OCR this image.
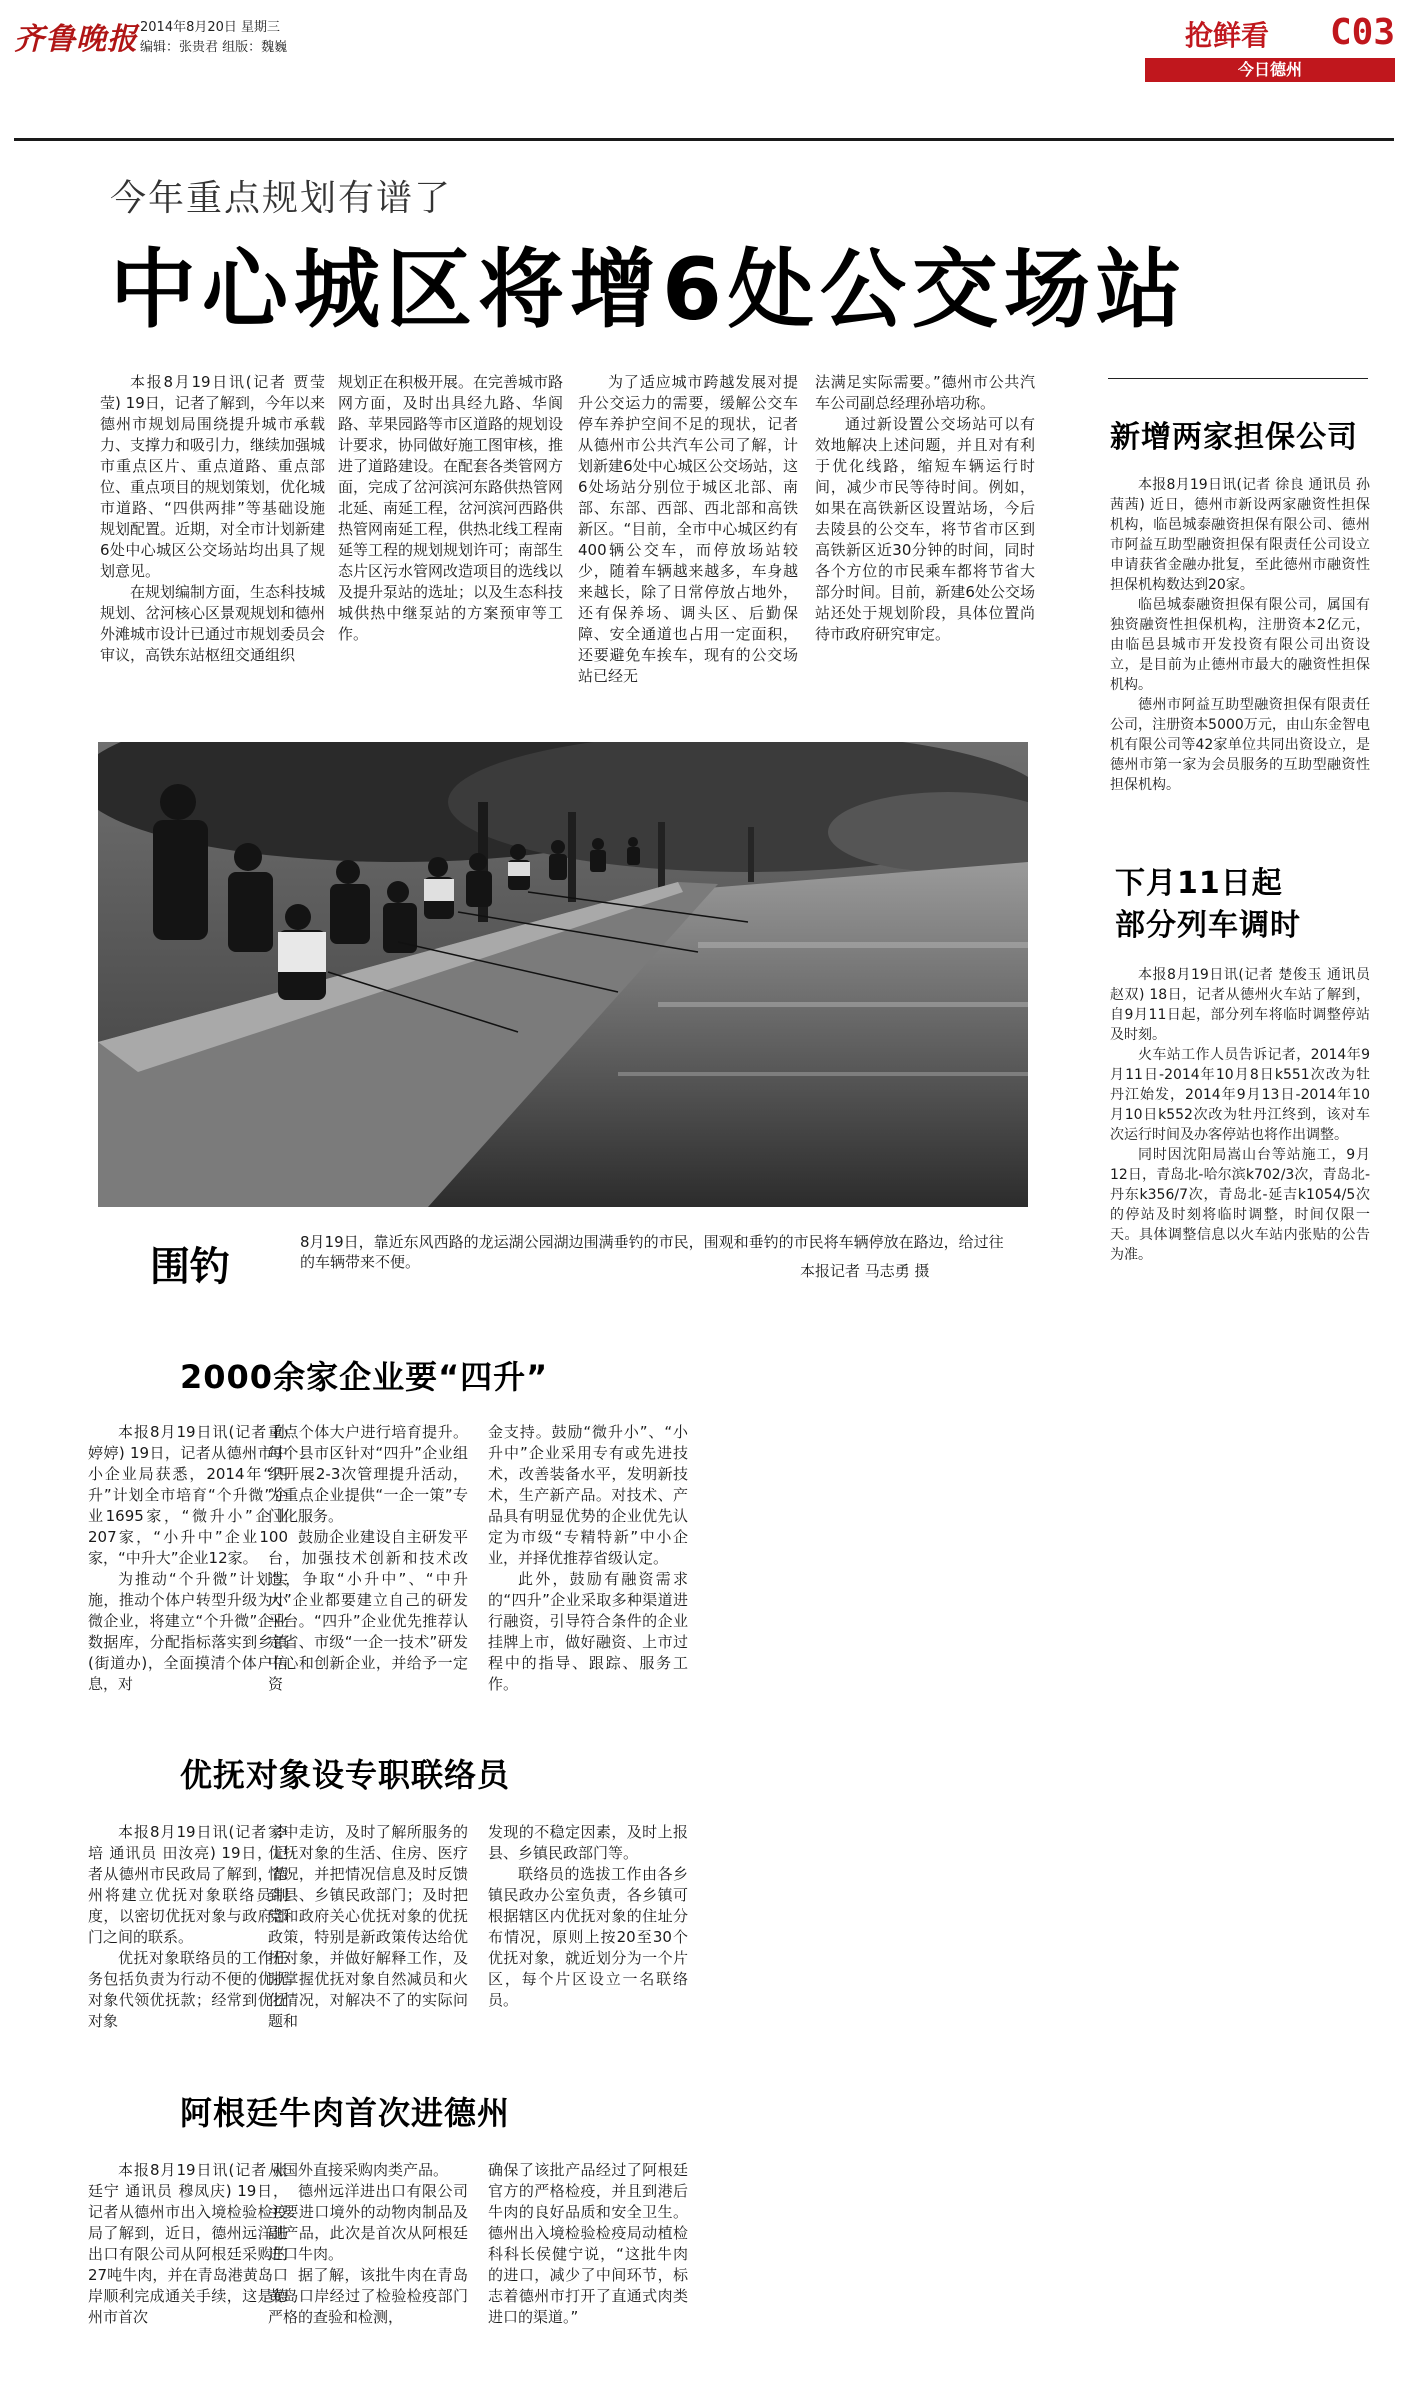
齐鲁晚报 2014年8月20日 星期三
编辑：张贵君 组版：魏巍	抢鲜看 C03
今日德州
今年重点规划有谱了
中心城区将增6处公交场站

本报8月19日讯(记者 贾莹莹) 19日，记者了解到，今年以来德州市规划局围绕提升城市承载力、支撑力和吸引力，继续加强城市重点区片、重点道路、重点部位、重点项目的规划策划，优化城市道路、“四供两排”等基础设施规划配置。近期，对全市计划新建6处中心城区公交场站均出具了规划意见。

在规划编制方面，生态科技城规划、岔河核心区景观规划和德州外滩城市设计已通过市规划委员会审议，高铁东站枢纽交通组织

规划正在积极开展。在完善城市路网方面，及时出具经九路、华阆路、苹果园路等市区道路的规划设计要求，协同做好施工图审核，推进了道路建设。在配套各类管网方面，完成了岔河滨河东路供热管网北延、南延工程，岔河滨河西路供热管网南延工程，供热北线工程南延等工程的规划规划许可；南部生态片区污水管网改造项目的选线以及提升泵站的选址；以及生态科技城供热中继泵站的方案预审等工作。

为了适应城市跨越发展对提升公交运力的需要，缓解公交车停车养护空间不足的现状，记者从德州市公共汽车公司了解，计划新建6处中心城区公交场站，这6处场站分别位于城区北部、南部、东部、西部、西北部和高铁新区。“目前，全市中心城区约有400辆公交车，而停放场站较少，随着车辆越来越多，车身越来越长，除了日常停放占地外，还有保养场、调头区、后勤保障、安全通道也占用一定面积，还要避免车挨车，现有的公交场站已经无

法满足实际需要。”德州市公共汽车公司副总经理孙培功称。

通过新设置公交场站可以有效地解决上述问题，并且对有利于优化线路，缩短车辆运行时间，减少市民等待时间。例如，如果在高铁新区设置站场，今后去陵县的公交车，将节省市区到高铁新区近30分钟的时间，同时各个方位的市民乘车都将节省大部分时间。目前，新建6处公交场站还处于规划阶段，具体位置尚待市政府研究审定。

围钓
8月19日，靠近东风西路的龙运湖公园湖边围满垂钓的市民，围观和垂钓的市民将车辆停放在路边，给过往的车辆带来不便。	本报记者 马志勇 摄
新增两家担保公司

本报8月19日讯(记者 徐良 通讯员 孙茜茜) 近日，德州市新设两家融资性担保机构，临邑城泰融资担保有限公司、德州市阿益互助型融资担保有限责任公司设立申请获省金融办批复，至此德州市融资性担保机构数达到20家。

临邑城泰融资担保有限公司，属国有独资融资性担保机构，注册资本2亿元，由临邑县城市开发投资有限公司出资设立，是目前为止德州市最大的融资性担保机构。

德州市阿益互助型融资担保有限责任公司，注册资本5000万元，由山东金智电机有限公司等42家单位共同出资设立，是德州市第一家为会员服务的互助型融资性担保机构。

下月11日起
部分列车调时

本报8月19日讯(记者 楚俊玉 通讯员 赵双) 18日，记者从德州火车站了解到，自9月11日起，部分列车将临时调整停站及时刻。

火车站工作人员告诉记者，2014年9月11日-2014年10月8日k551次改为牡丹江始发，2014年9月13日-2014年10月10日k552次改为牡丹江终到，该对车次运行时间及办客停站也将作出调整。

同时因沈阳局嵩山台等站施工，9月12日，青岛北-哈尔滨k702/3次，青岛北-丹东k356/7次，青岛北-延吉k1054/5次的停站及时刻将临时调整，时间仅限一天。具体调整信息以火车站内张贴的公告为准。

2000余家企业要“四升”

本报8月19日讯(记者 孙婷婷) 19日，记者从德州市中小企业局获悉，2014年“四升”计划全市培育“个升微”企业1695家，“微升小”企业207家，“小升中”企业100家，“中升大”企业12家。

为推动“个升微”计划实施，推动个体户转型升级为小微企业，将建立“个升微”企业数据库，分配指标落实到乡镇(街道办)，全面摸清个体户信息，对

重点个体大户进行培育提升。每个县市区针对“四升”企业组织开展2-3次管理提升活动，为重点企业提供“一企一策”专门化服务。

鼓励企业建设自主研发平台，加强技术创新和技术改造，争取“小升中”、“中升大”企业都要建立自己的研发平台。“四升”企业优先推荐认定省、市级“一企一技术”研发中心和创新企业，并给予一定资

金支持。鼓励“微升小”、“小升中”企业采用专有或先进技术，改善装备水平，发明新技术，生产新产品。对技术、产品具有明显优势的企业优先认定为市级“专精特新”中小企业，并择优推荐省级认定。

此外，鼓励有融资需求的“四升”企业采取多种渠道进行融资，引导符合条件的企业挂牌上市，做好融资、上市过程中的指导、跟踪、服务工作。

优抚对象设专职联络员

本报8月19日讯(记者 李培 通讯员 田汝亮) 19日，记者从德州市民政局了解到，德州将建立优抚对象联络员制度，以密切优抚对象与政府部门之间的联系。

优抚对象联络员的工作任务包括负责为行动不便的优抚对象代领优抚款；经常到优抚对象

家中走访，及时了解所服务的优抚对象的生活、住房、医疗情况，并把情况信息及时反馈到县、乡镇民政部门；及时把党和政府关心优抚对象的优抚政策，特别是新政策传达给优抚对象，并做好解释工作，及时掌握优抚对象自然减员和火化情况，对解决不了的实际问题和

发现的不稳定因素，及时上报县、乡镇民政部门等。

联络员的选拔工作由各乡镇民政办公室负责，各乡镇可根据辖区内优抚对象的住址分布情况，原则上按20至30个优抚对象，就近划分为一个片区，每个片区设立一名联络员。

阿根廷牛肉首次进德州

本报8月19日讯(记者 张廷宁 通讯员 穆凤庆) 19日，记者从德州市出入境检验检疫局了解到，近日，德州远洋进出口有限公司从阿根廷采购的27吨牛肉，并在青岛港黄岛口岸顺利完成通关手续，这是德州市首次

从国外直接采购肉类产品。

德州远洋进出口有限公司主要进口境外的动物肉制品及副产品，此次是首次从阿根廷进口牛肉。

据了解，该批牛肉在青岛黄岛口岸经过了检验检疫部门严格的查验和检测，

确保了该批产品经过了阿根廷官方的严格检疫，并且到港后牛肉的良好品质和安全卫生。德州出入境检验检疫局动植检科科长侯健宁说，“这批牛肉的进口，减少了中间环节，标志着德州市打开了直通式肉类进口的渠道。”
